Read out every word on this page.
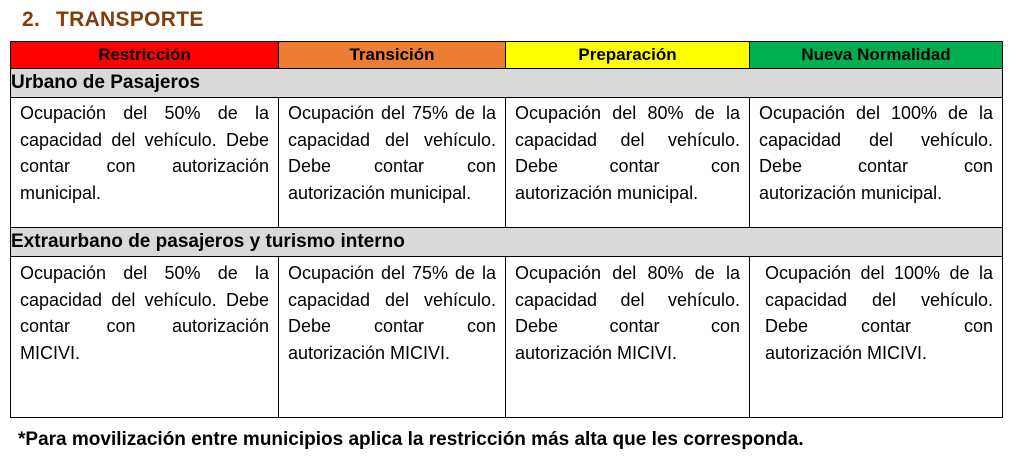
2. TRANSPORTE
Restricción	Transición	Preparación	Nueva Normalidad
Urbano de Pasajeros			

Ocupación del 50% de la capacidad del vehículo. Debe contar con autorización municipal.	Ocupación del 75% de la capacidad del vehículo. Debe contar con autorización municipal.	Ocupación del 80% de la capacidad del vehículo. Debe contar con autorización municipal.	Ocupación del 100% de la capacidad del vehículo. Debe contar con autorización municipal.

Extraurbano de pasajeros y turismo interno			

Ocupación del 50% de la capacidad del vehículo. Debe contar con autorización MICIVI.	Ocupación del 75% de la capacidad del vehículo. Debe contar con autorización MICIVI.	Ocupación del 80% de la capacidad del vehículo. Debe contar con autorización MICIVI.	Ocupación del 100% de la capacidad del vehículo. Debe contar con autorización MICIVI.
*Para movilización entre municipios aplica la restricción más alta que les corresponda.
